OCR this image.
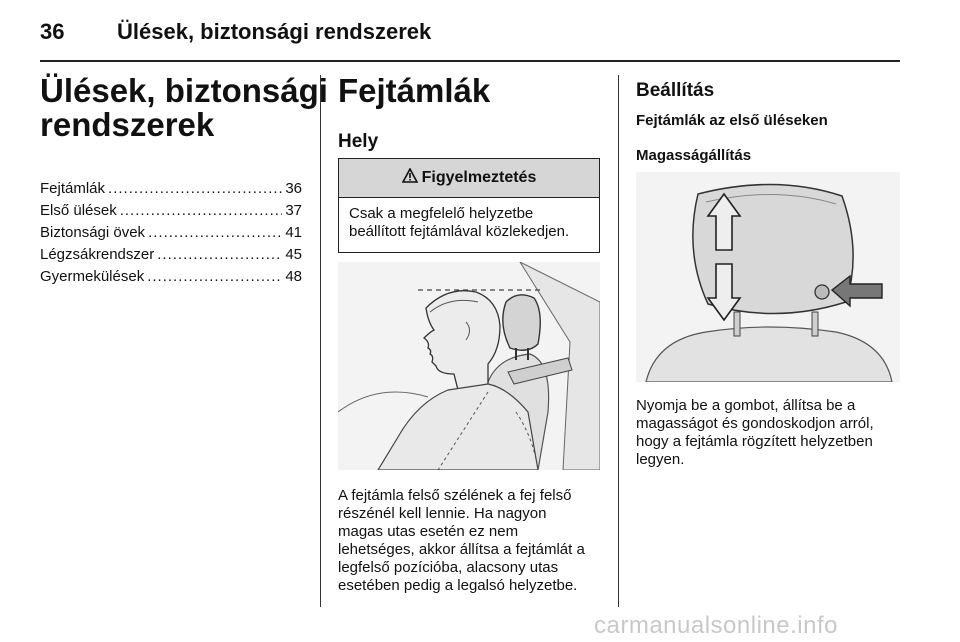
36 Ülések, biztonsági rendszerek
Ülések, biztonsági
rendszerek
Fejtámlák .....	36
Első ülések .....	37
Biztonsági övek .....	41
Légzsákrendszer .....	45
Gyermekülések .....	48
Fejtámlák
Hely
Figyelmeztetés
Csak a megfelelő helyzetbe
beállított fejtámlával közlekedjen.
A fejtámla felső szélének a fej felső
részénél kell lennie. Ha nagyon
magas utas esetén ez nem
lehetséges, akkor állítsa a fejtámlát a
legfelső pozícióba, alacsony utas
esetében pedig a legalsó helyzetbe.
Beállítás
Fejtámlák az első üléseken
Magasságállítás
Nyomja be a gombot, állítsa be a
magasságot és gondoskodjon arról,
hogy a fejtámla rögzített helyzetben
legyen.
carmanualsonline.info
